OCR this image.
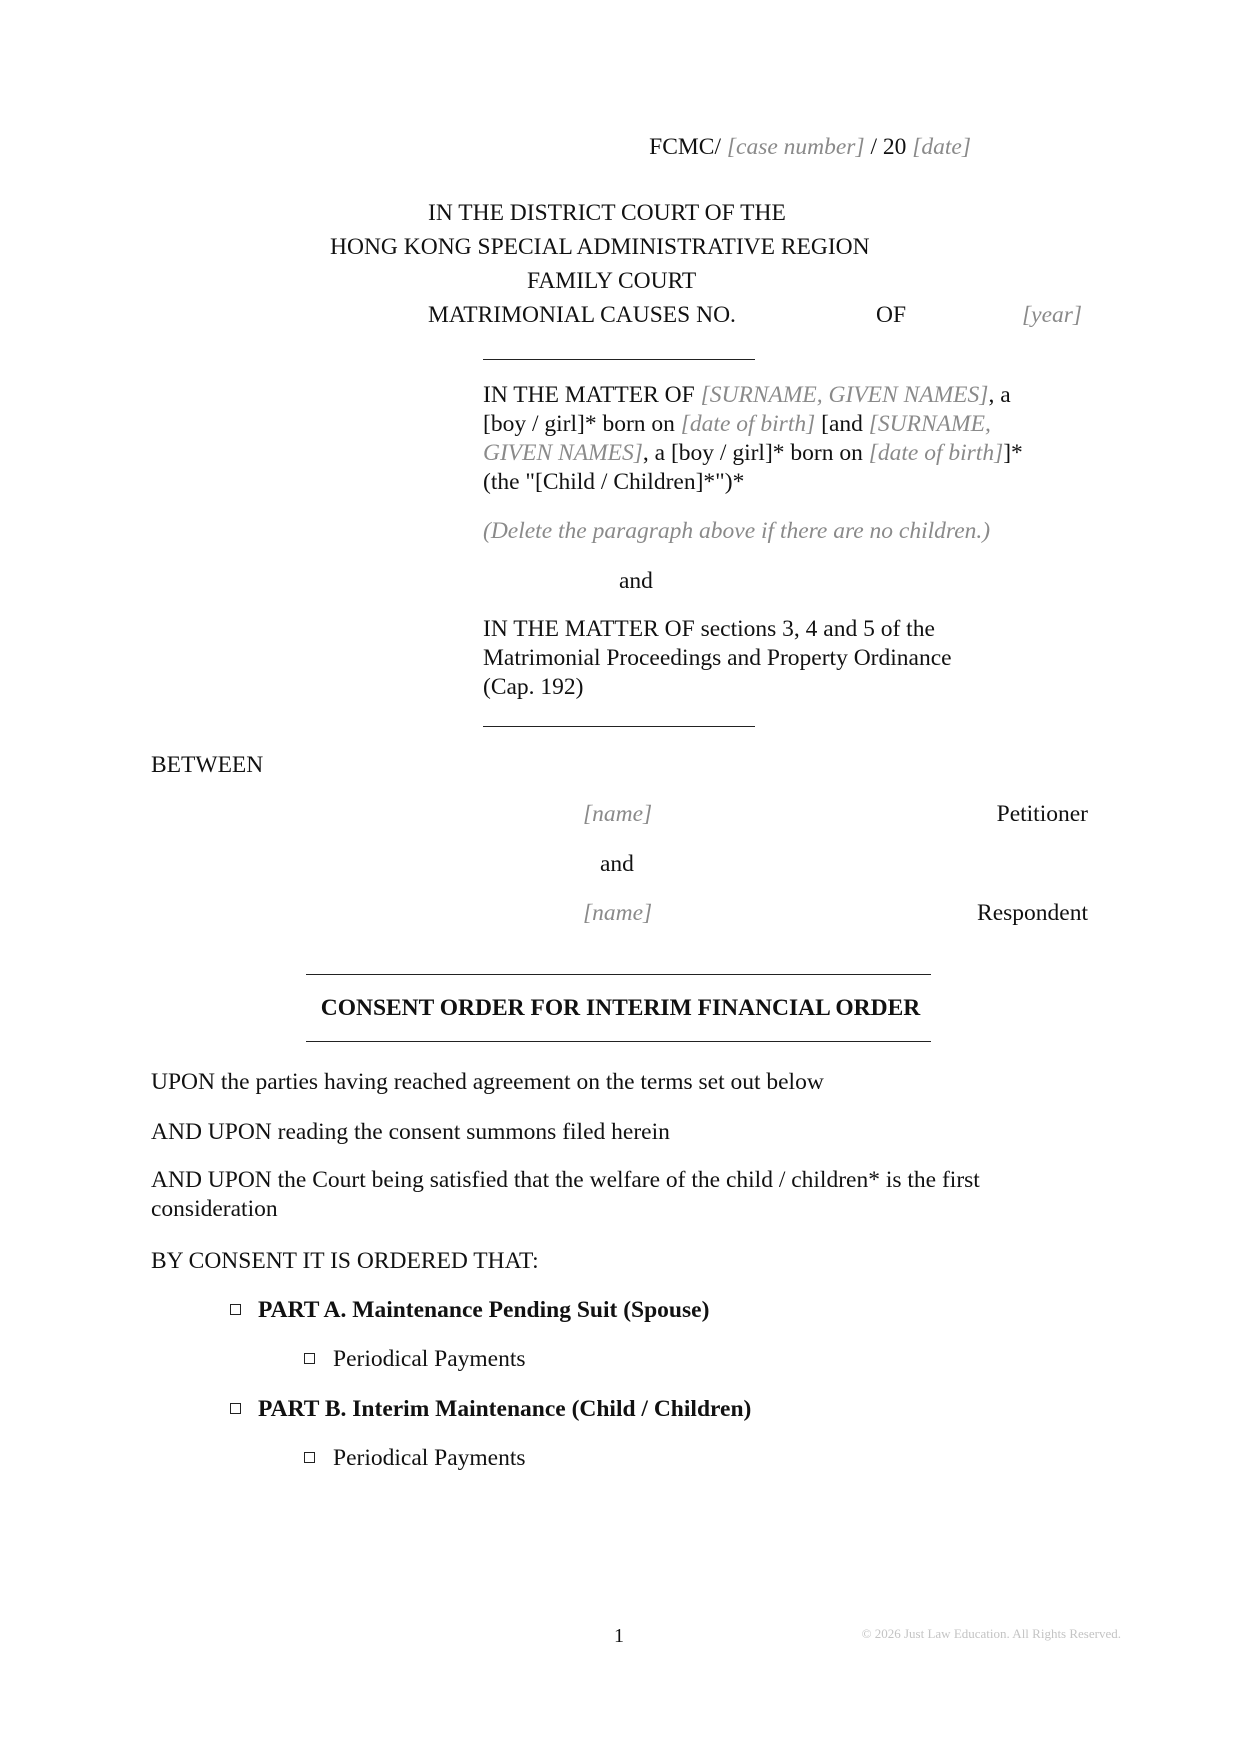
FCMC/ [case number] / 20 [date]
IN THE DISTRICT COURT OF THE
HONG KONG SPECIAL ADMINISTRATIVE REGION
FAMILY COURT
MATRIMONIAL CAUSES NO.	OF	[year]
IN THE MATTER OF [SURNAME, GIVEN NAMES], a
[boy / girl]* born on [date of birth] [and [SURNAME,
GIVEN NAMES], a [boy / girl]* born on [date of birth]]*
(the "[Child / Children]*")*
(Delete the paragraph above if there are no children.)
and
IN THE MATTER OF sections 3, 4 and 5 of the
Matrimonial Proceedings and Property Ordinance
(Cap. 192)
BETWEEN
[name]	Petitioner
and
[name]	Respondent
CONSENT ORDER FOR INTERIM FINANCIAL ORDER
UPON the parties having reached agreement on the terms set out below
AND UPON reading the consent summons filed herein
AND UPON the Court being satisfied that the welfare of the child / children* is the first
consideration
BY CONSENT IT IS ORDERED THAT:
PART A. Maintenance Pending Suit (Spouse)
Periodical Payments
PART B. Interim Maintenance (Child / Children)
Periodical Payments
1	© 2026 Just Law Education. All Rights Reserved.
